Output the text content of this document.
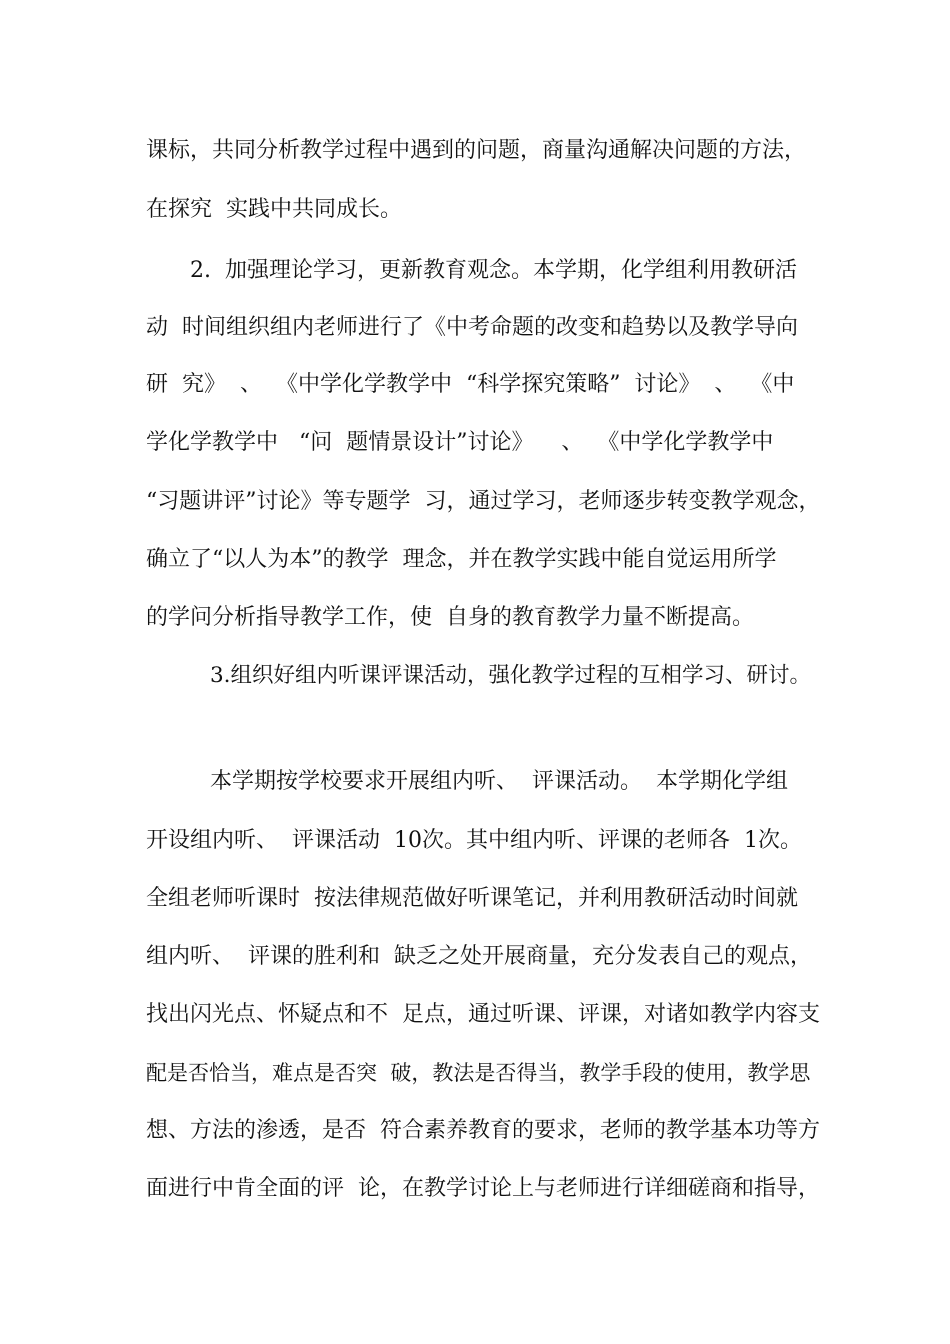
课标，共同分析教学过程中遇到的问题，商量沟通解决问题的方法，
在探究  实践中共同成长。
2.  加强理论学习，更新教育观念。本学期，化学组利用教研活
动  时间组织组内老师进行了《中考命题的改变和趋势以及教学导向
研  究》  、  《中学化学教学中  “科学探究策略”  讨论》  、  《中
学化学教学中   “问  题情景设计”讨论》    、  《中学化学教学中
“习题讲评”讨论》等专题学  习，通过学习，老师逐步转变教学观念，
确立了“以人为本”的教学  理念，并在教学实践中能自觉运用所学
的学问分析指导教学工作，使  自身的教育教学力量不断提高。
3.组织好组内听课评课活动，强化教学过程的互相学习、研讨。
本学期按学校要求开展组内听、  评课活动。  本学期化学组
开设组内听、  评课活动  10次。其中组内听、评课的老师各  1次。
全组老师听课时  按法律规范做好听课笔记，并利用教研活动时间就
组内听、  评课的胜利和  缺乏之处开展商量，充分发表自己的观点，
找出闪光点、怀疑点和不  足点，通过听课、评课，对诸如教学内容支
配是否恰当，难点是否突  破，教法是否得当，教学手段的使用，教学思
想、方法的渗透，是否  符合素养教育的要求，老师的教学基本功等方
面进行中肯全面的评  论，在教学讨论上与老师进行详细磋商和指导，
